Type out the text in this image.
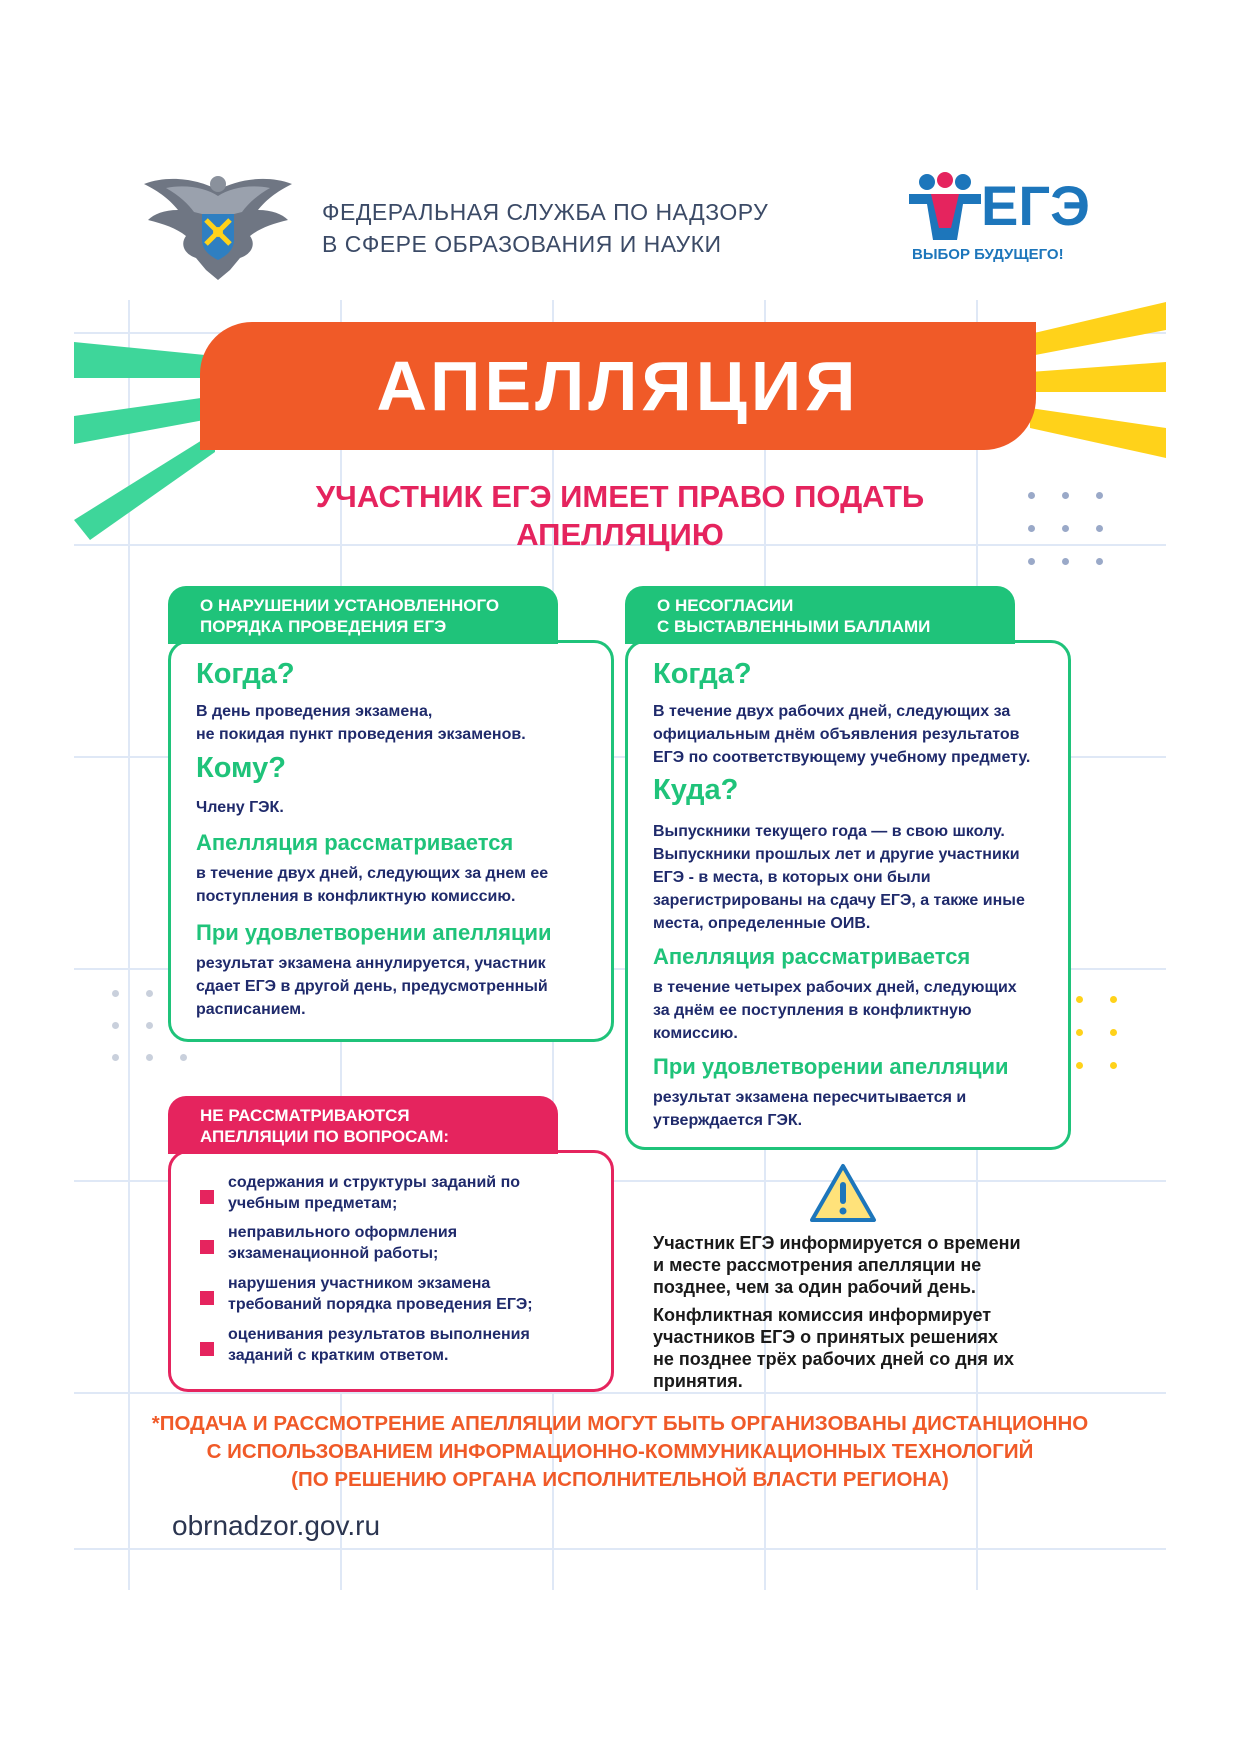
ФЕДЕРАЛЬНАЯ СЛУЖБА ПО НАДЗОРУ
В СФЕРЕ ОБРАЗОВАНИЯ И НАУКИ
ЕГЭ
ВЫБОР БУДУЩЕГО!
АПЕЛЛЯЦИЯ
УЧАСТНИК ЕГЭ ИМЕЕТ ПРАВО ПОДАТЬ
АПЕЛЛЯЦИЮ
О НАРУШЕНИИ УСТАНОВЛЕННОГО
ПОРЯДКА ПРОВЕДЕНИЯ ЕГЭ
Когда?
В день проведения экзамена,
не покидая пункт проведения экзаменов.
Кому?
Члену ГЭК.
Апелляция рассматривается
в течение двух дней, следующих за днем ее
поступления в конфликтную комиссию.
При удовлетворении апелляции
результат экзамена аннулируется, участник
сдает ЕГЭ в другой день, предусмотренный
расписанием.
О НЕСОГЛАСИИ
С ВЫСТАВЛЕННЫМИ БАЛЛАМИ
Когда?
В течение двух рабочих дней, следующих за
официальным днём объявления результатов
ЕГЭ по соответствующему учебному предмету.
Куда?
Выпускники текущего года — в свою школу.
Выпускники прошлых лет и другие участники
ЕГЭ - в места, в которых они были
зарегистрированы на сдачу ЕГЭ, а также иные
места, определенные ОИВ.
Апелляция рассматривается
в течение четырех рабочих дней, следующих
за днём ее поступления в конфликтную
комиссию.
При удовлетворении апелляции
результат экзамена пересчитывается и
утверждается ГЭК.
НЕ РАССМАТРИВАЮТСЯ
АПЕЛЛЯЦИИ ПО ВОПРОСАМ:
содержания и структуры заданий по
учебным предметам;
неправильного оформления
экзаменационной работы;
нарушения участником экзамена
требований порядка проведения ЕГЭ;
оценивания результатов выполнения
заданий с кратким ответом.
Участник ЕГЭ информируется о времени
и месте рассмотрения апелляции не
позднее, чем за один рабочий день.
Конфликтная комиссия информирует
участников ЕГЭ о принятых решениях
не позднее трёх рабочих дней со дня их
принятия.
*ПОДАЧА И РАССМОТРЕНИЕ АПЕЛЛЯЦИИ МОГУТ БЫТЬ ОРГАНИЗОВАНЫ ДИСТАНЦИОННО
С ИСПОЛЬЗОВАНИЕМ ИНФОРМАЦИОННО-КОММУНИКАЦИОННЫХ ТЕХНОЛОГИЙ
(ПО РЕШЕНИЮ ОРГАНА ИСПОЛНИТЕЛЬНОЙ ВЛАСТИ РЕГИОНА)
obrnadzor.gov.ru
